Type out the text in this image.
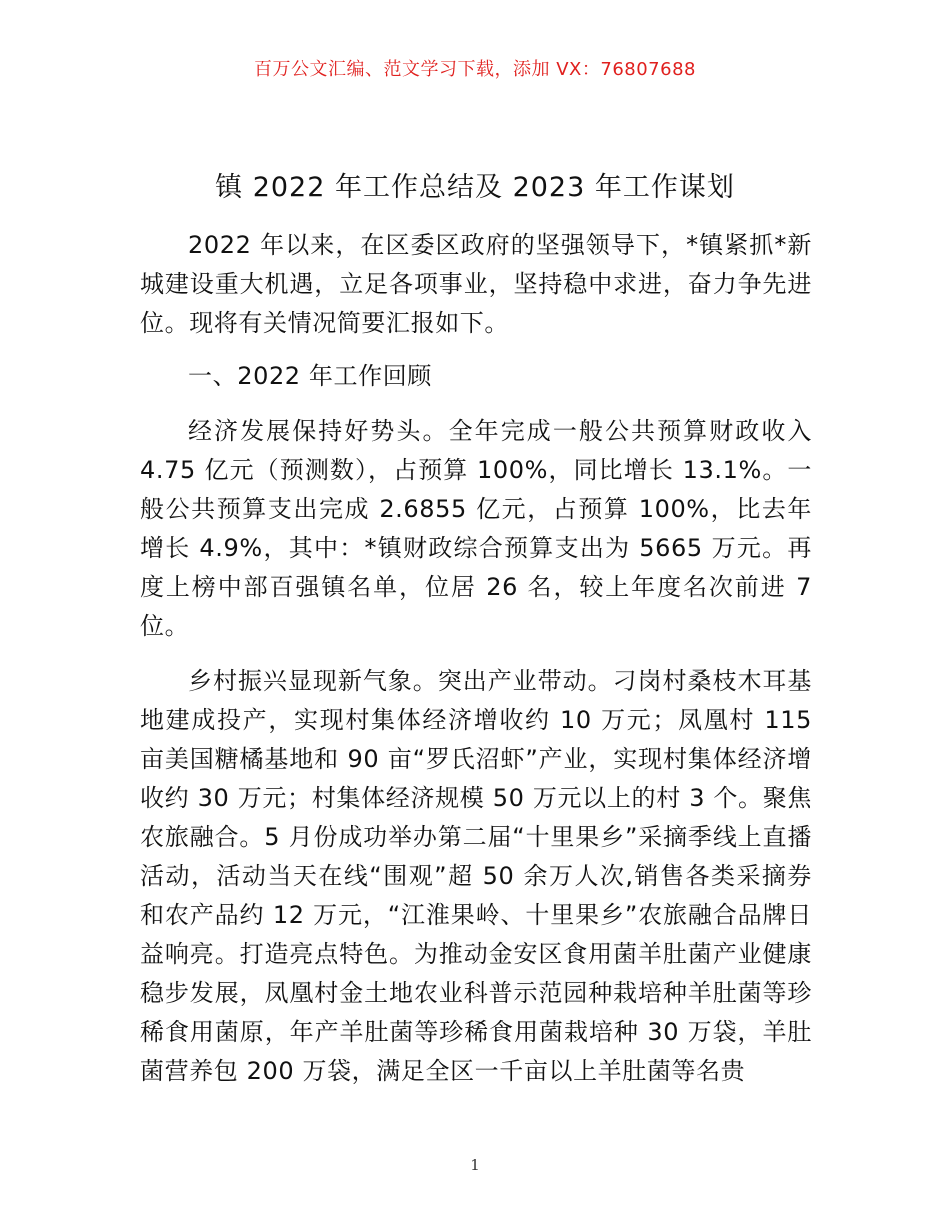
百万公文汇编、范文学习下载，添加 VX：76807688
镇 2022 年工作总结及 2023 年工作谋划

2022 年以来，在区委区政府的坚强领导下，*镇紧抓*新城建设重大机遇，立足各项事业，坚持稳中求进，奋力争先进位。现将有关情况简要汇报如下。

一、2022 年工作回顾

经济发展保持好势头。全年完成一般公共预算财政收入 4.75 亿元（预测数），占预算 100%，同比增长 13.1%。一般公共预算支出完成 2.6855 亿元，占预算 100%，比去年增长 4.9%，其中：*镇财政综合预算支出为 5665 万元。再度上榜中部百强镇名单，位居 26 名，较上年度名次前进 7 位。

乡村振兴显现新气象。突出产业带动。刁岗村桑枝木耳基地建成投产，实现村集体经济增收约 10 万元；凤凰村 115 亩美国糖橘基地和 90 亩“罗氏沼虾”产业，实现村集体经济增收约 30 万元；村集体经济规模 50 万元以上的村 3 个。聚焦农旅融合。5 月份成功举办第二届“十里果乡”采摘季线上直播活动，活动当天在线“围观”超 50 余万人次,销售各类采摘券和农产品约 12 万元，“江淮果岭、十里果乡”农旅融合品牌日益响亮。打造亮点特色。为推动金安区食用菌羊肚菌产业健康稳步发展，凤凰村金土地农业科普示范园种栽培种羊肚菌等珍稀食用菌原，年产羊肚菌等珍稀食用菌栽培种 30 万袋，羊肚菌营养包 200 万袋，满足全区一千亩以上羊肚菌等名贵

1
